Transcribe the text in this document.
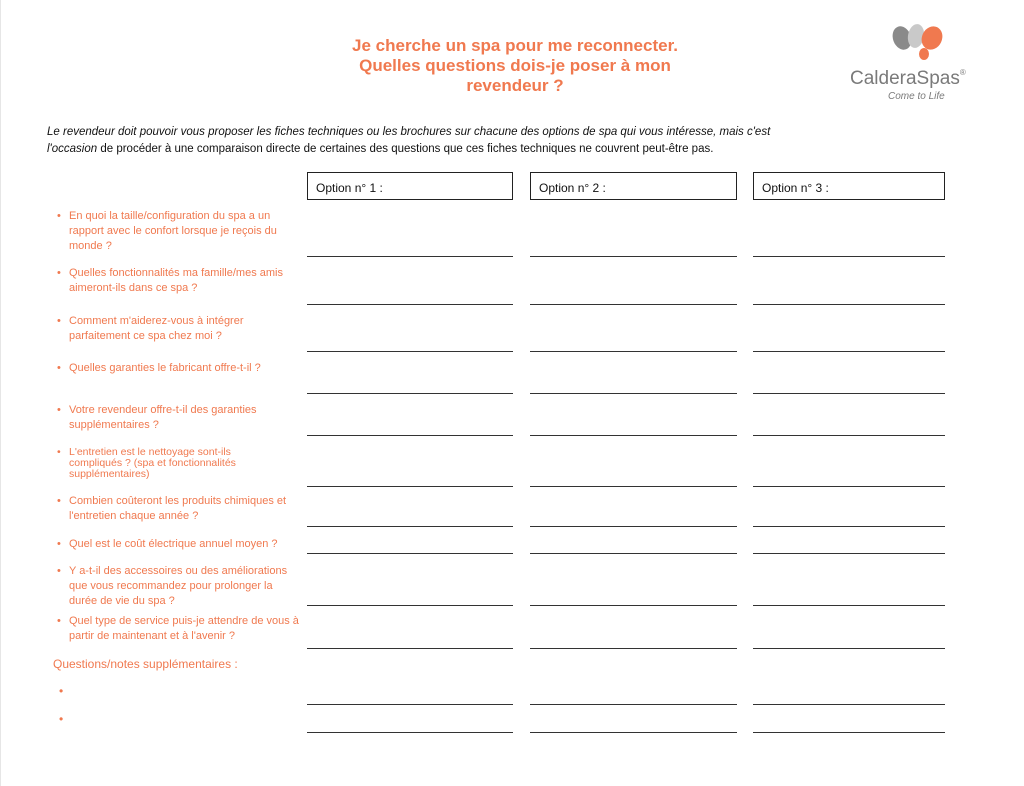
Je cherche un spa pour me reconnecter.
Quelles questions dois-je poser à mon
revendeur ?	CalderaSpas®
Come to Life
Le revendeur doit pouvoir vous proposer les fiches techniques ou les brochures sur chacune des options de spa qui vous intéresse, mais c'est
l'occasion de procéder à une comparaison directe de certaines des questions que ces fiches techniques ne couvrent peut-être pas.
Option n° 1 :	Option n° 2 :	Option n° 3 :
• En quoi la taille/configuration du spa a un rapport avec le confort lorsque je reçois du monde ?
• Quelles fonctionnalités ma famille/mes amis aimeront-ils dans ce spa ?
• Comment m'aiderez-vous à intégrer parfaitement ce spa chez moi ?
• Quelles garanties le fabricant offre-t-il ?
• Votre revendeur offre-t-il des garanties supplémentaires ?
• L'entretien est le nettoyage sont-ils compliqués ? (spa et fonctionnalités supplémentaires)
• Combien coûteront les produits chimiques et l'entretien chaque année ?
• Quel est le coût électrique annuel moyen ?
• Y a-t-il des accessoires ou des améliorations que vous recommandez pour prolonger la durée de vie du spa ?
• Quel type de service puis-je attendre de vous à partir de maintenant et à l'avenir ?
Questions/notes supplémentaires :
•
•
